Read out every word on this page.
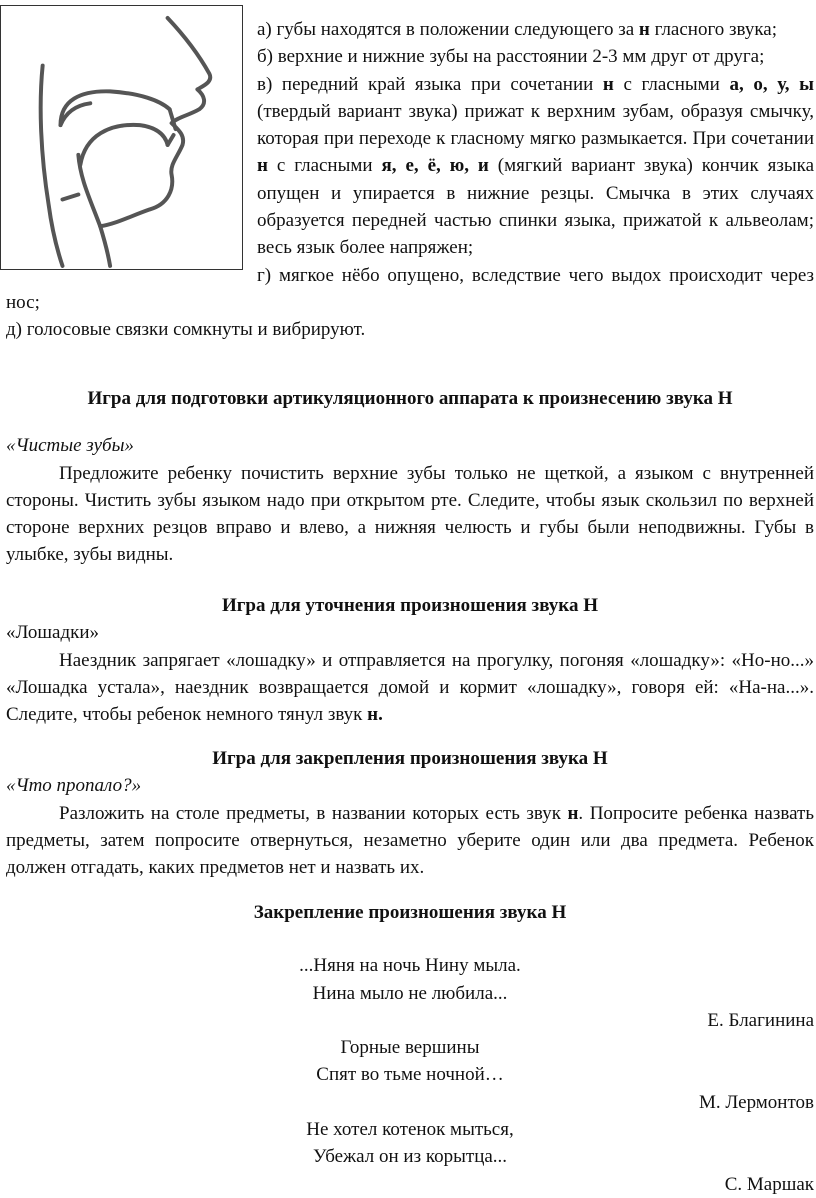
а) губы находятся в положении следующего за н гласного звука;

б) верхние и нижние зубы на расстоянии 2-3 мм друг от друга;

в) передний край языка при сочетании н с гласными а, о, у, ы (твердый вариант звука) прижат к верхним зубам, образуя смычку, которая при переходе к гласному мягко размыкается. При сочетании н с гласными я, е, ё, ю, и (мягкий вариант звука) кончик языка опущен и упирается в нижние резцы. Смычка в этих случаях образуется передней частью спинки языка, прижатой к альвеолам; весь язык более напряжен;

г) мягкое нёбо опущено, вследствие чего выдох происходит через нос;

д) голосовые связки сомкнуты и вибрируют.

Игра для подготовки артикуляционного аппарата к произнесению звука Н

«Чистые зубы»

Предложите ребенку почистить верхние зубы только не щеткой, а языком с внутренней стороны. Чистить зубы языком надо при открытом рте. Следите, чтобы язык скользил по верхней стороне верхних резцов вправо и влево, а нижняя челюсть и губы были неподвижны. Губы в улыбке, зубы видны.

Игра для уточнения произношения звука Н

«Лошадки»

Наездник запрягает «лошадку» и отправляется на прогулку, погоняя «лошадку»: «Но-но...» «Лошадка устала», наездник возвращается домой и кормит «лошадку», говоря ей: «На-на...». Следите, чтобы ребенок немного тянул звук н.

Игра для закрепления произношения звука Н

«Что пропало?»

Разложить на столе предметы, в названии которых есть звук н. Попросите ребенка назвать предметы, затем попросите отвернуться, незаметно уберите один или два предмета. Ребенок должен отгадать, каких предметов нет и назвать их.

Закрепление произношения звука Н

...Няня на ночь Нину мыла.

Нина мыло не любила...

Е. Благинина

Горные вершины

Спят во тьме ночной…

М. Лермонтов

Не хотел котенок мыться,

Убежал он из корытца...

С. Маршак
